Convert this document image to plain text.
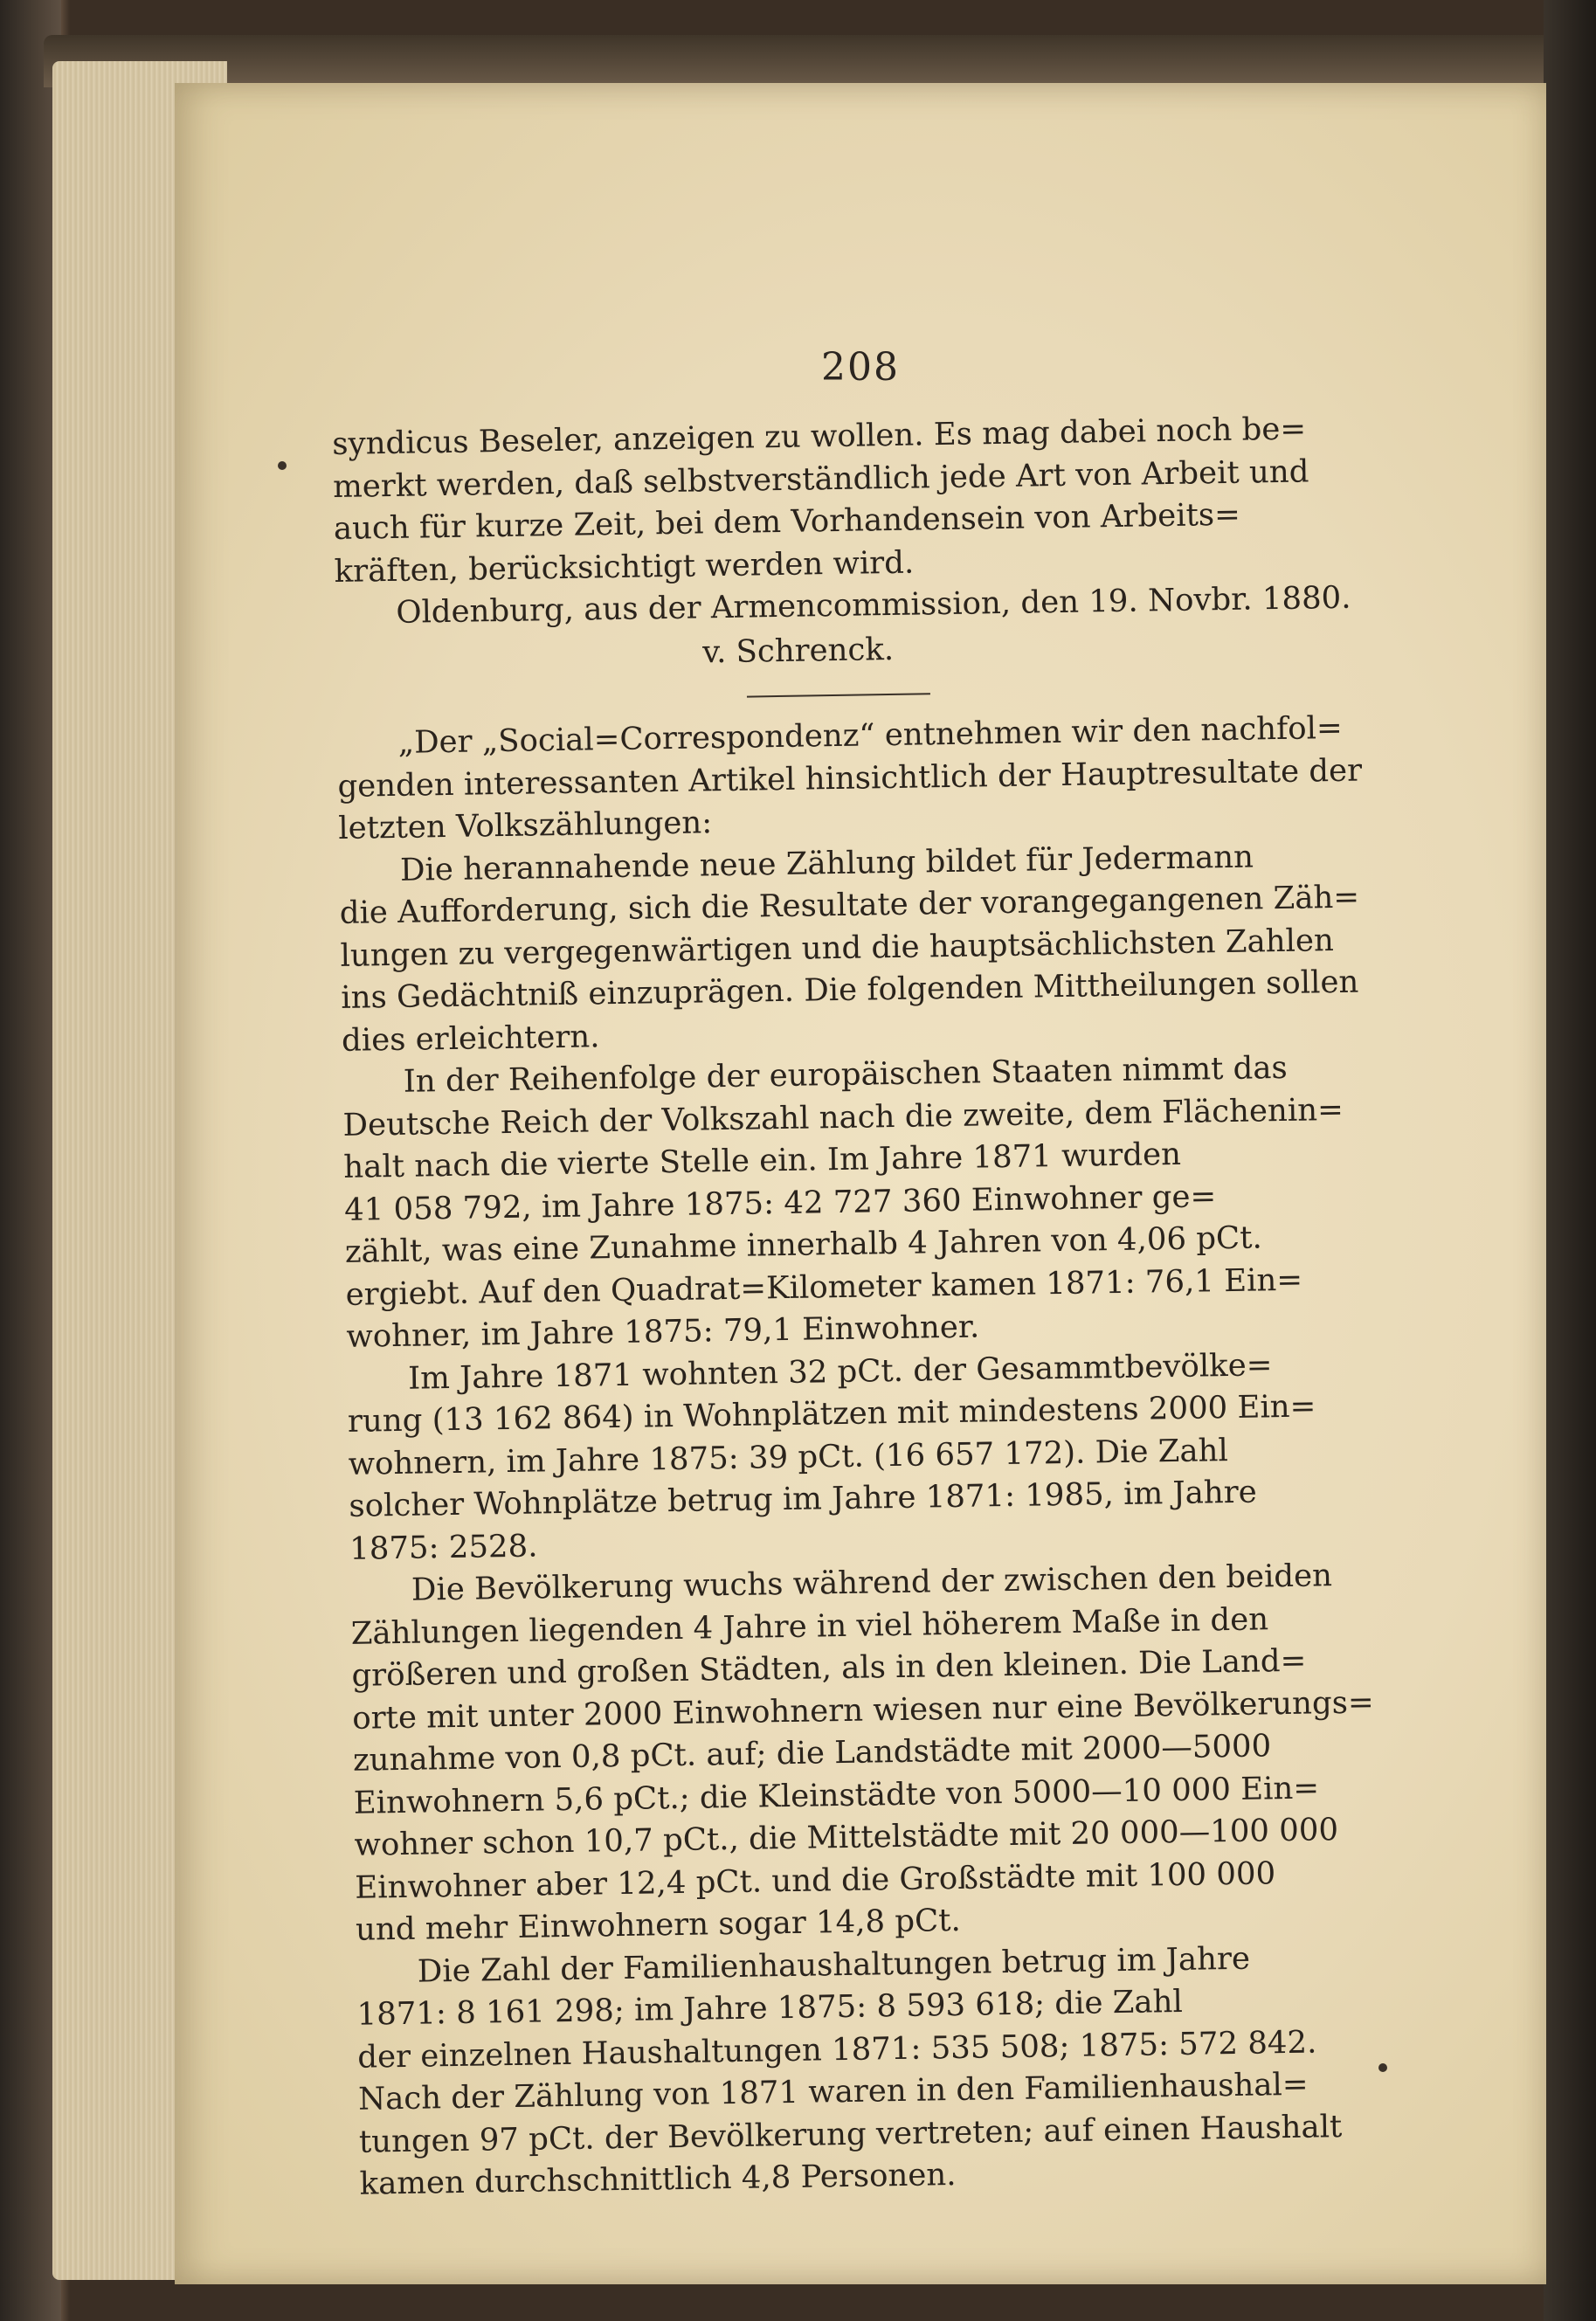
208

syndicus Beseler, anzeigen zu wollen. Es mag dabei noch be=
merkt werden, daß selbstverständlich jede Art von Arbeit und
auch für kurze Zeit, bei dem Vorhandensein von Arbeits=
kräften, berücksichtigt werden wird.

Oldenburg, aus der Armencommission, den 19. Novbr. 1880.
v. Schrenck.

„Der „Social=Correspondenz“ entnehmen wir den nachfol=
genden interessanten Artikel hinsichtlich der Hauptresultate der
letzten Volkszählungen:

Die herannahende neue Zählung bildet für Jedermann
die Aufforderung, sich die Resultate der vorangegangenen Zäh=
lungen zu vergegenwärtigen und die hauptsächlichsten Zahlen
ins Gedächtniß einzuprägen. Die folgenden Mittheilungen sollen
dies erleichtern.

In der Reihenfolge der europäischen Staaten nimmt das
Deutsche Reich der Volkszahl nach die zweite, dem Flächenin=
halt nach die vierte Stelle ein. Im Jahre 1871 wurden
41 058 792, im Jahre 1875: 42 727 360 Einwohner ge=
zählt, was eine Zunahme innerhalb 4 Jahren von 4,06 pCt.
ergiebt. Auf den Quadrat=Kilometer kamen 1871: 76,1 Ein=
wohner, im Jahre 1875: 79,1 Einwohner.

Im Jahre 1871 wohnten 32 pCt. der Gesammtbevölke=
rung (13 162 864) in Wohnplätzen mit mindestens 2000 Ein=
wohnern, im Jahre 1875: 39 pCt. (16 657 172). Die Zahl
solcher Wohnplätze betrug im Jahre 1871: 1985, im Jahre
1875: 2528.

Die Bevölkerung wuchs während der zwischen den beiden
Zählungen liegenden 4 Jahre in viel höherem Maße in den
größeren und großen Städten, als in den kleinen. Die Land=
orte mit unter 2000 Einwohnern wiesen nur eine Bevölkerungs=
zunahme von 0,8 pCt. auf; die Landstädte mit 2000—5000
Einwohnern 5,6 pCt.; die Kleinstädte von 5000—10 000 Ein=
wohner schon 10,7 pCt., die Mittelstädte mit 20 000—100 000
Einwohner aber 12,4 pCt. und die Großstädte mit 100 000
und mehr Einwohnern sogar 14,8 pCt.

Die Zahl der Familienhaushaltungen betrug im Jahre
1871: 8 161 298; im Jahre 1875: 8 593 618; die Zahl
der einzelnen Haushaltungen 1871: 535 508; 1875: 572 842.
Nach der Zählung von 1871 waren in den Familienhaushal=
tungen 97 pCt. der Bevölkerung vertreten; auf einen Haushalt
kamen durchschnittlich 4,8 Personen.
